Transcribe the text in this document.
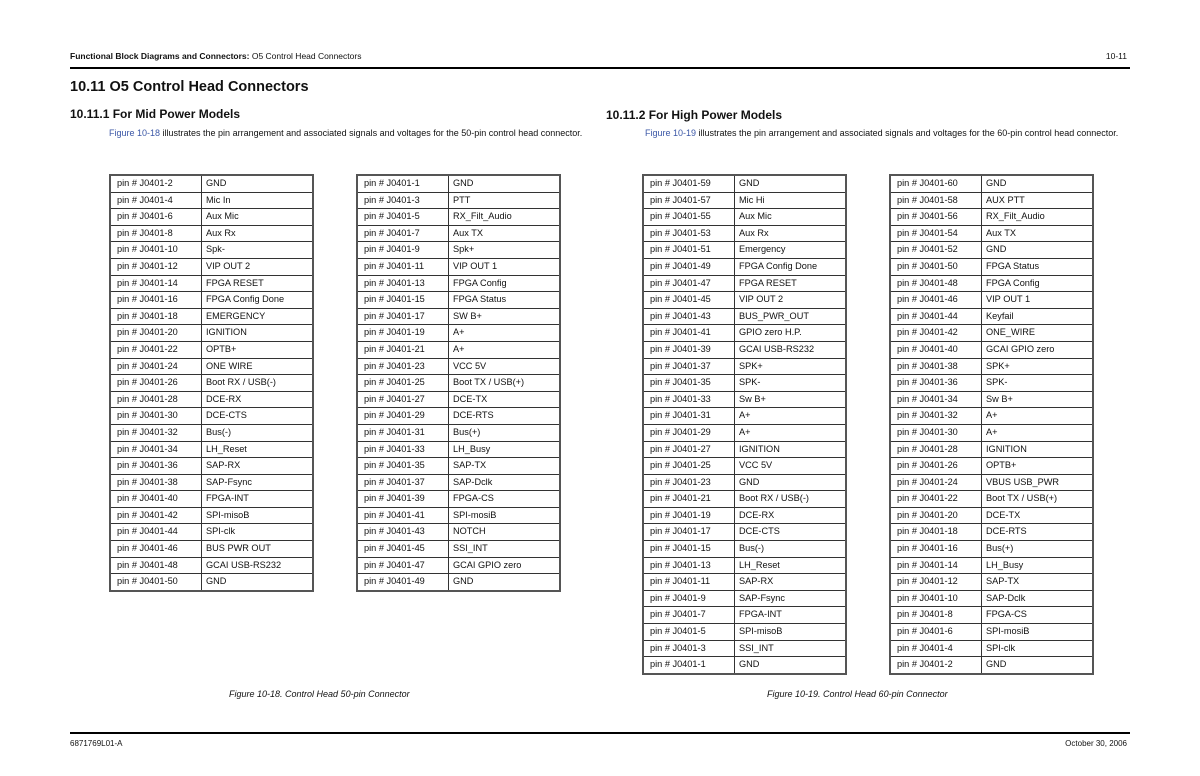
Functional Block Diagrams and Connectors: O5 Control Head Connectors	10-11
10.11 O5 Control Head Connectors
10.11.1 For Mid Power Models
Figure 10-18 illustrates the pin arrangement and associated signals and voltages for the 50-pin control head connector.
10.11.2 For High Power Models
Figure 10-19 illustrates the pin arrangement and associated signals and voltages for the 60-pin control head connector.
pin # J0401-2	GND
pin # J0401-4	Mic In
pin # J0401-6	Aux Mic
pin # J0401-8	Aux Rx
pin # J0401-10	Spk-
pin # J0401-12	VIP OUT 2
pin # J0401-14	FPGA RESET
pin # J0401-16	FPGA Config Done
pin # J0401-18	EMERGENCY
pin # J0401-20	IGNITION
pin # J0401-22	OPTB+
pin # J0401-24	ONE WIRE
pin # J0401-26	Boot RX / USB(-)
pin # J0401-28	DCE-RX
pin # J0401-30	DCE-CTS
pin # J0401-32	Bus(-)
pin # J0401-34	LH_Reset
pin # J0401-36	SAP-RX
pin # J0401-38	SAP-Fsync
pin # J0401-40	FPGA-INT
pin # J0401-42	SPI-misoB
pin # J0401-44	SPI-clk
pin # J0401-46	BUS PWR OUT
pin # J0401-48	GCAI USB-RS232
pin # J0401-50	GND
pin # J0401-1	GND
pin # J0401-3	PTT
pin # J0401-5	RX_Filt_Audio
pin # J0401-7	Aux TX
pin # J0401-9	Spk+
pin # J0401-11	VIP OUT 1
pin # J0401-13	FPGA Config
pin # J0401-15	FPGA Status
pin # J0401-17	SW B+
pin # J0401-19	A+
pin # J0401-21	A+
pin # J0401-23	VCC 5V
pin # J0401-25	Boot TX / USB(+)
pin # J0401-27	DCE-TX
pin # J0401-29	DCE-RTS
pin # J0401-31	Bus(+)
pin # J0401-33	LH_Busy
pin # J0401-35	SAP-TX
pin # J0401-37	SAP-Dclk
pin # J0401-39	FPGA-CS
pin # J0401-41	SPI-mosiB
pin # J0401-43	NOTCH
pin # J0401-45	SSI_INT
pin # J0401-47	GCAI GPIO zero
pin # J0401-49	GND
pin # J0401-59	GND
pin # J0401-57	Mic Hi
pin # J0401-55	Aux Mic
pin # J0401-53	Aux Rx
pin # J0401-51	Emergency
pin # J0401-49	FPGA Config Done
pin # J0401-47	FPGA RESET
pin # J0401-45	VIP OUT 2
pin # J0401-43	BUS_PWR_OUT
pin # J0401-41	GPIO zero H.P.
pin # J0401-39	GCAI USB-RS232
pin # J0401-37	SPK+
pin # J0401-35	SPK-
pin # J0401-33	Sw B+
pin # J0401-31	A+
pin # J0401-29	A+
pin # J0401-27	IGNITION
pin # J0401-25	VCC 5V
pin # J0401-23	GND
pin # J0401-21	Boot RX / USB(-)
pin # J0401-19	DCE-RX
pin # J0401-17	DCE-CTS
pin # J0401-15	Bus(-)
pin # J0401-13	LH_Reset
pin # J0401-11	SAP-RX
pin # J0401-9	SAP-Fsync
pin # J0401-7	FPGA-INT
pin # J0401-5	SPI-misoB
pin # J0401-3	SSI_INT
pin # J0401-1	GND
pin # J0401-60	GND
pin # J0401-58	AUX PTT
pin # J0401-56	RX_Filt_Audio
pin # J0401-54	Aux TX
pin # J0401-52	GND
pin # J0401-50	FPGA Status
pin # J0401-48	FPGA Config
pin # J0401-46	VIP OUT 1
pin # J0401-44	Keyfail
pin # J0401-42	ONE_WIRE
pin # J0401-40	GCAI GPIO zero
pin # J0401-38	SPK+
pin # J0401-36	SPK-
pin # J0401-34	Sw B+
pin # J0401-32	A+
pin # J0401-30	A+
pin # J0401-28	IGNITION
pin # J0401-26	OPTB+
pin # J0401-24	VBUS USB_PWR
pin # J0401-22	Boot TX / USB(+)
pin # J0401-20	DCE-TX
pin # J0401-18	DCE-RTS
pin # J0401-16	Bus(+)
pin # J0401-14	LH_Busy
pin # J0401-12	SAP-TX
pin # J0401-10	SAP-Dclk
pin # J0401-8	FPGA-CS
pin # J0401-6	SPI-mosiB
pin # J0401-4	SPI-clk
pin # J0401-2	GND
Figure 10-18. Control Head 50-pin Connector	Figure 10-19. Control Head 60-pin Connector
6871769L01-A	October 30, 2006
